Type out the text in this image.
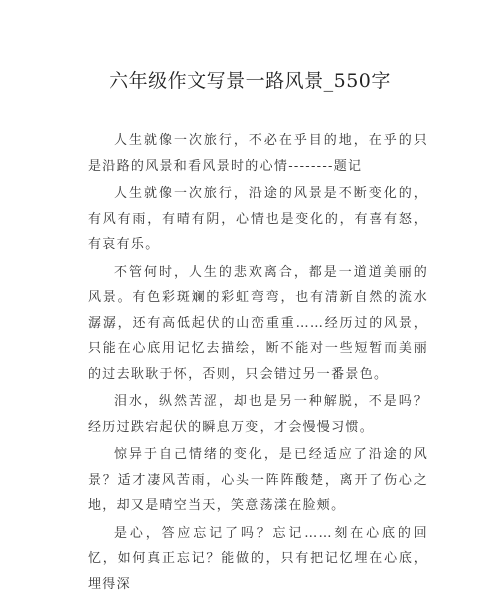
六年级作文写景一路风景_550字

人生就像一次旅行，不必在乎目的地，在乎的只是沿路的风景和看风景时的心情--------题记

人生就像一次旅行，沿途的风景是不断变化的，有风有雨，有晴有阴，心情也是变化的，有喜有怒，有哀有乐。

不管何时，人生的悲欢离合，都是一道道美丽的风景。有色彩斑斓的彩虹弯弯，也有清新自然的流水潺潺，还有高低起伏的山峦重重……经历过的风景，只能在心底用记忆去描绘，断不能对一些短暂而美丽的过去耿耿于怀，否则，只会错过另一番景色。

泪水，纵然苦涩，却也是另一种解脱，不是吗？经历过跌宕起伏的瞬息万变，才会慢慢习惯。

惊异于自己情绪的变化，是已经适应了沿途的风景？适才凄风苦雨，心头一阵阵酸楚，离开了伤心之地，却又是晴空当天，笑意荡漾在脸颊。

是心，答应忘记了吗？忘记……刻在心底的回忆，如何真正忘记？能做的，只有把记忆埋在心底，埋得深
